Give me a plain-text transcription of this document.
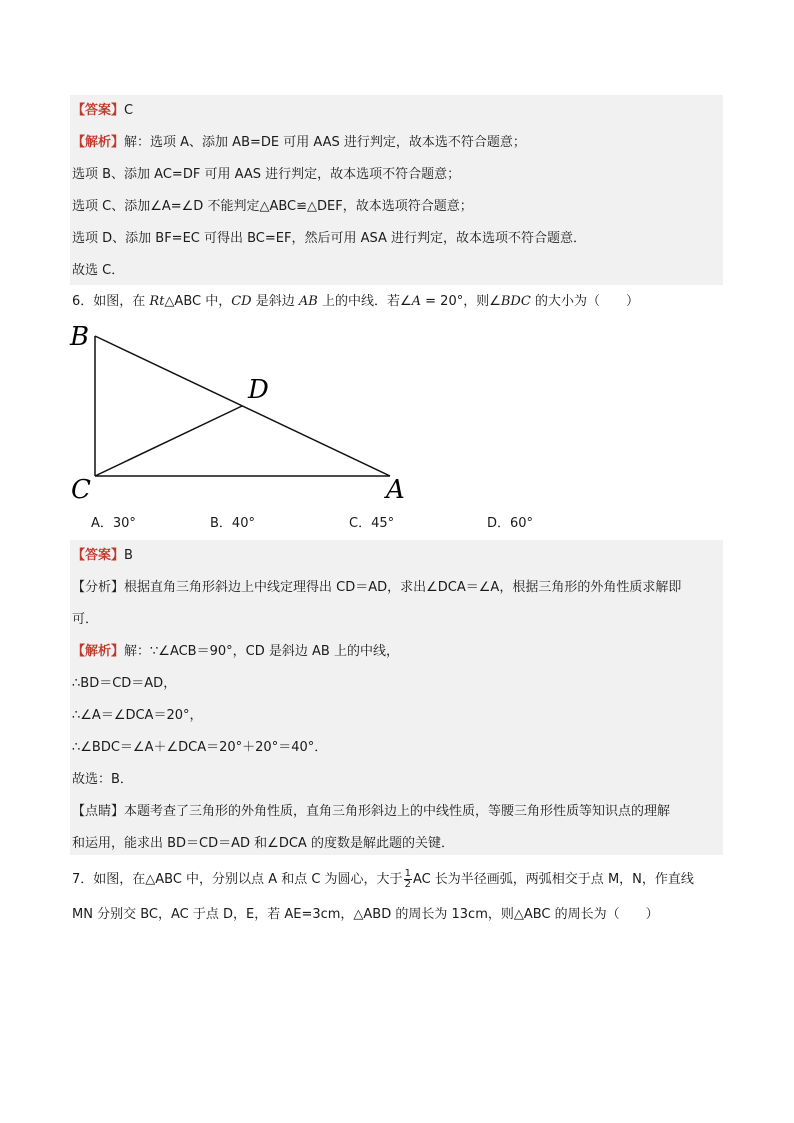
【答案】C
【解析】解：选项 A、添加 AB=DE 可用 AAS 进行判定，故本选不符合题意；
选项 B、添加 AC=DF 可用 AAS 进行判定，故本选项不符合题意；
选项 C、添加∠A=∠D 不能判定△ABC≌△DEF，故本选项符合题意；
选项 D、添加 BF=EC 可得出 BC=EF，然后可用 ASA 进行判定，故本选项不符合题意．
故选 C．
6．如图，在 Rt△ABC 中，CD 是斜边 AB 上的中线．若∠A = 20°，则∠BDC 的大小为（　　）
B
D
C	A
A．30°	B．40°	C．45°	D．60°
【答案】B
【分析】根据直角三角形斜边上中线定理得出 CD＝AD，求出∠DCA＝∠A，根据三角形的外角性质求解即
可．
【解析】解：∵∠ACB＝90°，CD 是斜边 AB 上的中线，
∴BD＝CD＝AD，
∴∠A＝∠DCA＝20°，
∴∠BDC＝∠A＋∠DCA＝20°＋20°＝40°．
故选：B．
【点睛】本题考查了三角形的外角性质，直角三角形斜边上的中线性质，等腰三角形性质等知识点的理解
和运用，能求出 BD＝CD＝AD 和∠DCA 的度数是解此题的关键．
7．如图，在△ABC 中，分别以点 A 和点 C 为圆心，大于 $\frac{1}{2}$ AC 长为半径画弧，两弧相交于点 M，N，作直线
MN 分别交 BC，AC 于点 D，E，若 AE=3cm，△ABD 的周长为 13cm，则△ABC 的周长为（　　）
